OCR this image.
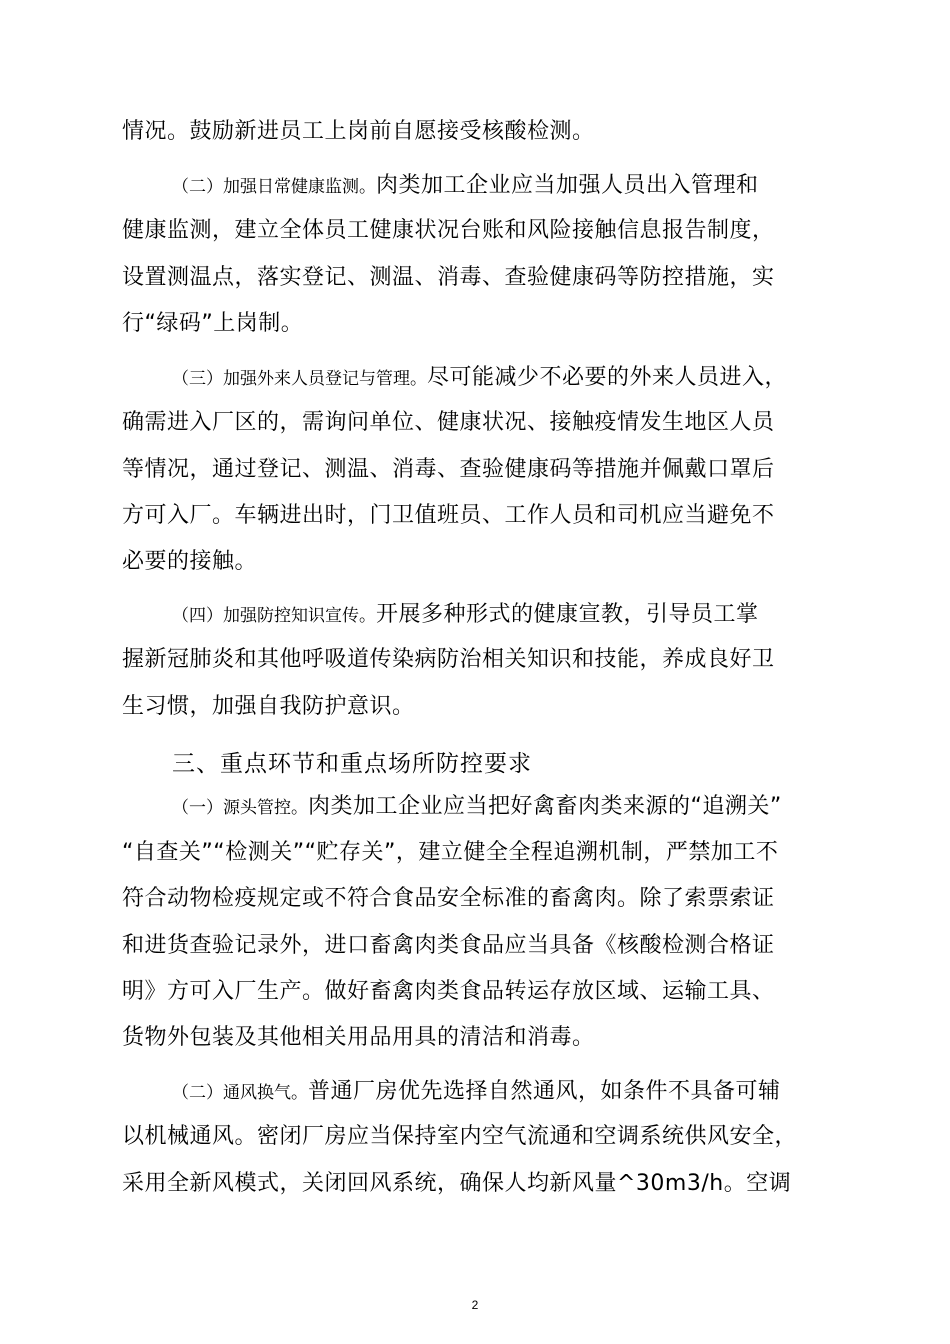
情况。鼓励新进员工上岗前自愿接受核酸检测。
（二）加强日常健康监测。肉类加工企业应当加强人员出入管理和
健康监测，建立全体员工健康状况台账和风险接触信息报告制度，
设置测温点，落实登记、测温、消毒、查验健康码等防控措施，实
行“绿码”上岗制。
（三）加强外来人员登记与管理。尽可能减少不必要的外来人员进入，
确需进入厂区的，需询问单位、健康状况、接触疫情发生地区人员
等情况，通过登记、测温、消毒、查验健康码等措施并佩戴口罩后
方可入厂。车辆进出时，门卫值班员、工作人员和司机应当避免不
必要的接触。
（四）加强防控知识宣传。开展多种形式的健康宣教，引导员工掌
握新冠肺炎和其他呼吸道传染病防治相关知识和技能，养成良好卫
生习惯，加强自我防护意识。
三、重点环节和重点场所防控要求
（一）源头管控。肉类加工企业应当把好禽畜肉类来源的“追溯关”
“自查关”“检测关”“贮存关”，建立健全全程追溯机制，严禁加工不
符合动物检疫规定或不符合食品安全标准的畜禽肉。除了索票索证
和进货查验记录外，进口畜禽肉类食品应当具备《核酸检测合格证
明》方可入厂生产。做好畜禽肉类食品转运存放区域、运输工具、
货物外包装及其他相关用品用具的清洁和消毒。
（二）通风换气。普通厂房优先选择自然通风，如条件不具备可辅
以机械通风。密闭厂房应当保持室内空气流通和空调系统供风安全，
采用全新风模式，关闭回风系统，确保人均新风量^30m3/h。空调
2
